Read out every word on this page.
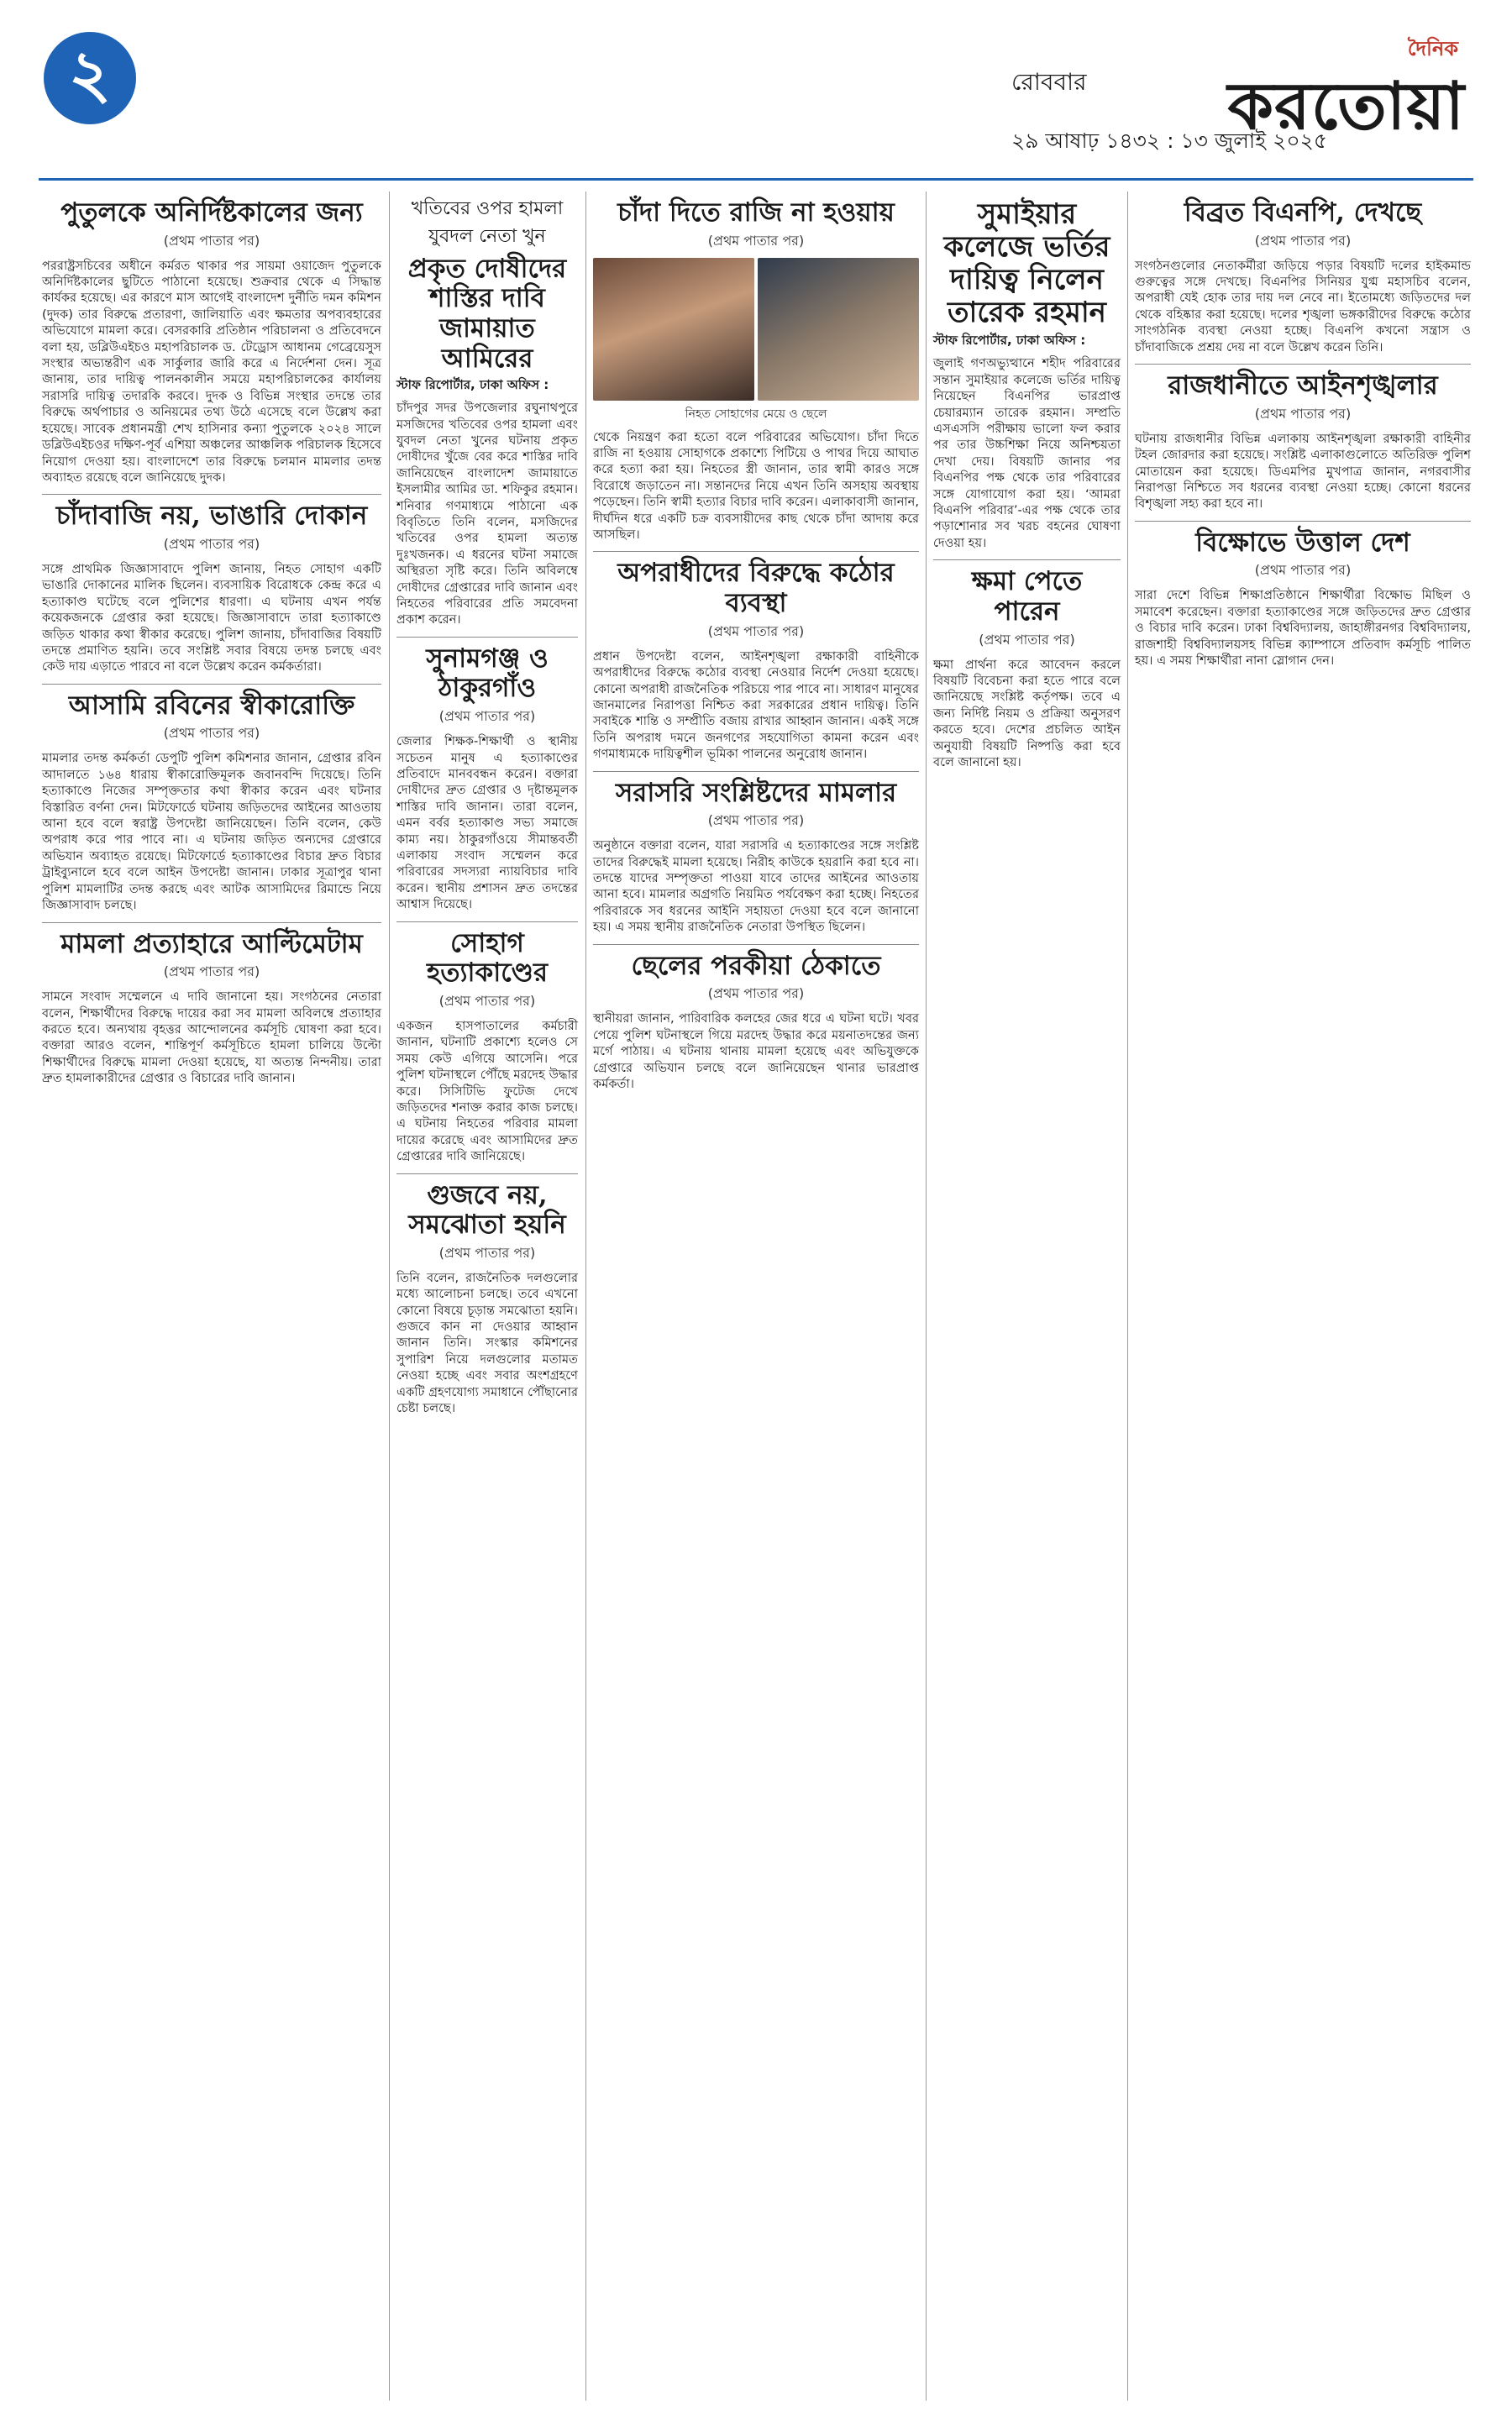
২	রোববার
২৯ আষাঢ় ১৪৩২ : ১৩ জুলাই ২০২৫
দৈনিক
করতোয়া
পুতুলকে অনির্দিষ্টকালের জন্য
(প্রথম পাতার পর)

পররাষ্ট্রসচিবের অধীনে কর্মরত থাকার পর সায়মা ওয়াজেদ পুতুলকে অনির্দিষ্টকালের ছুটিতে পাঠানো হয়েছে। শুক্রবার থেকে এ সিদ্ধান্ত কার্যকর হয়েছে। এর কারণে মাস আগেই বাংলাদেশ দুর্নীতি দমন কমিশন (দুদক) তার বিরুদ্ধে প্রতারণা, জালিয়াতি এবং ক্ষমতার অপব্যবহারের অভিযোগে মামলা করে। বেসরকারি প্রতিষ্ঠান পরিচালনা ও প্রতিবেদনে বলা হয়, ডব্লিউএইচও মহাপরিচালক ড. টেড্রোস আধানম গেব্রেয়েসুস সংস্থার অভ্যন্তরীণ এক সার্কুলার জারি করে এ নির্দেশনা দেন। সূত্র জানায়, তার দায়িত্ব পালনকালীন সময়ে মহাপরিচালকের কার্যালয় সরাসরি দায়িত্ব তদারকি করবে। দুদক ও বিভিন্ন সংস্থার তদন্তে তার বিরুদ্ধে অর্থপাচার ও অনিয়মের তথ্য উঠে এসেছে বলে উল্লেখ করা হয়েছে। সাবেক প্রধানমন্ত্রী শেখ হাসিনার কন্যা পুতুলকে ২০২৪ সালে ডব্লিউএইচওর দক্ষিণ-পূর্ব এশিয়া অঞ্চলের আঞ্চলিক পরিচালক হিসেবে নিয়োগ দেওয়া হয়। বাংলাদেশে তার বিরুদ্ধে চলমান মামলার তদন্ত অব্যাহত রয়েছে বলে জানিয়েছে দুদক।

চাঁদাবাজি নয়, ভাঙারি দোকান
(প্রথম পাতার পর)

সঙ্গে প্রাথমিক জিজ্ঞাসাবাদে পুলিশ জানায়, নিহত সোহাগ একটি ভাঙারি দোকানের মালিক ছিলেন। ব্যবসায়িক বিরোধকে কেন্দ্র করে এ হত্যাকাণ্ড ঘটেছে বলে পুলিশের ধারণা। এ ঘটনায় এখন পর্যন্ত কয়েকজনকে গ্রেপ্তার করা হয়েছে। জিজ্ঞাসাবাদে তারা হত্যাকাণ্ডে জড়িত থাকার কথা স্বীকার করেছে। পুলিশ জানায়, চাঁদাবাজির বিষয়টি তদন্তে প্রমাণিত হয়নি। তবে সংশ্লিষ্ট সবার বিষয়ে তদন্ত চলছে এবং কেউ দায় এড়াতে পারবে না বলে উল্লেখ করেন কর্মকর্তারা।

আসামি রবিনের স্বীকারোক্তি
(প্রথম পাতার পর)

মামলার তদন্ত কর্মকর্তা ডেপুটি পুলিশ কমিশনার জানান, গ্রেপ্তার রবিন আদালতে ১৬৪ ধারায় স্বীকারোক্তিমূলক জবানবন্দি দিয়েছে। তিনি হত্যাকাণ্ডে নিজের সম্পৃক্ততার কথা স্বীকার করেন এবং ঘটনার বিস্তারিত বর্ণনা দেন। মিটফোর্ডে ঘটনায় জড়িতদের আইনের আওতায় আনা হবে বলে স্বরাষ্ট্র উপদেষ্টা জানিয়েছেন। তিনি বলেন, কেউ অপরাধ করে পার পাবে না। এ ঘটনায় জড়িত অন্যদের গ্রেপ্তারে অভিযান অব্যাহত রয়েছে। মিটফোর্ডে হত্যাকাণ্ডের বিচার দ্রুত বিচার ট্রাইব্যুনালে হবে বলে আইন উপদেষ্টা জানান। ঢাকার সূত্রাপুর থানা পুলিশ মামলাটির তদন্ত করছে এবং আটক আসামিদের রিমান্ডে নিয়ে জিজ্ঞাসাবাদ চলছে।

মামলা প্রত্যাহারে আল্টিমেটাম
(প্রথম পাতার পর)

সামনে সংবাদ সম্মেলনে এ দাবি জানানো হয়। সংগঠনের নেতারা বলেন, শিক্ষার্থীদের বিরুদ্ধে দায়ের করা সব মামলা অবিলম্বে প্রত্যাহার করতে হবে। অন্যথায় বৃহত্তর আন্দোলনের কর্মসূচি ঘোষণা করা হবে। বক্তারা আরও বলেন, শান্তিপূর্ণ কর্মসূচিতে হামলা চালিয়ে উল্টো শিক্ষার্থীদের বিরুদ্ধে মামলা দেওয়া হয়েছে, যা অত্যন্ত নিন্দনীয়। তারা দ্রুত হামলাকারীদের গ্রেপ্তার ও বিচারের দাবি জানান।

খতিবের ওপর হামলা
যুবদল নেতা খুন
প্রকৃত দোষীদের শাস্তির দাবি জামায়াত আমিরের
স্টাফ রিপোর্টার, ঢাকা অফিস :

চাঁদপুর সদর উপজেলার রঘুনাথপুরে মসজিদের খতিবের ওপর হামলা এবং যুবদল নেতা খুনের ঘটনায় প্রকৃত দোষীদের খুঁজে বের করে শাস্তির দাবি জানিয়েছেন বাংলাদেশ জামায়াতে ইসলামীর আমির ডা. শফিকুর রহমান। শনিবার গণমাধ্যমে পাঠানো এক বিবৃতিতে তিনি বলেন, মসজিদের খতিবের ওপর হামলা অত্যন্ত দুঃখজনক। এ ধরনের ঘটনা সমাজে অস্থিরতা সৃষ্টি করে। তিনি অবিলম্বে দোষীদের গ্রেপ্তারের দাবি জানান এবং নিহতের পরিবারের প্রতি সমবেদনা প্রকাশ করেন।

সুনামগঞ্জ ও ঠাকুরগাঁও
(প্রথম পাতার পর)

জেলার শিক্ষক-শিক্ষার্থী ও স্থানীয় সচেতন মানুষ এ হত্যাকাণ্ডের প্রতিবাদে মানববন্ধন করেন। বক্তারা দোষীদের দ্রুত গ্রেপ্তার ও দৃষ্টান্তমূলক শাস্তির দাবি জানান। তারা বলেন, এমন বর্বর হত্যাকাণ্ড সভ্য সমাজে কাম্য নয়। ঠাকুরগাঁওয়ে সীমান্তবর্তী এলাকায় সংবাদ সম্মেলন করে পরিবারের সদস্যরা ন্যায়বিচার দাবি করেন। স্থানীয় প্রশাসন দ্রুত তদন্তের আশ্বাস দিয়েছে।

সোহাগ হত্যাকাণ্ডের
(প্রথম পাতার পর)

একজন হাসপাতালের কর্মচারী জানান, ঘটনাটি প্রকাশ্যে হলেও সে সময় কেউ এগিয়ে আসেনি। পরে পুলিশ ঘটনাস্থলে পৌঁছে মরদেহ উদ্ধার করে। সিসিটিভি ফুটেজ দেখে জড়িতদের শনাক্ত করার কাজ চলছে। এ ঘটনায় নিহতের পরিবার মামলা দায়ের করেছে এবং আসামিদের দ্রুত গ্রেপ্তারের দাবি জানিয়েছে।

গুজবে নয়, সমঝোতা হয়নি
(প্রথম পাতার পর)

তিনি বলেন, রাজনৈতিক দলগুলোর মধ্যে আলোচনা চলছে। তবে এখনো কোনো বিষয়ে চূড়ান্ত সমঝোতা হয়নি। গুজবে কান না দেওয়ার আহ্বান জানান তিনি। সংস্কার কমিশনের সুপারিশ নিয়ে দলগুলোর মতামত নেওয়া হচ্ছে এবং সবার অংশগ্রহণে একটি গ্রহণযোগ্য সমাধানে পৌঁছানোর চেষ্টা চলছে।

চাঁদা দিতে রাজি না হওয়ায়
(প্রথম পাতার পর)
নিহত সোহাগের মেয়ে ও ছেলে

থেকে নিয়ন্ত্রণ করা হতো বলে পরিবারের অভিযোগ। চাঁদা দিতে রাজি না হওয়ায় সোহাগকে প্রকাশ্যে পিটিয়ে ও পাথর দিয়ে আঘাত করে হত্যা করা হয়। নিহতের স্ত্রী জানান, তার স্বামী কারও সঙ্গে বিরোধে জড়াতেন না। সন্তানদের নিয়ে এখন তিনি অসহায় অবস্থায় পড়েছেন। তিনি স্বামী হত্যার বিচার দাবি করেন। এলাকাবাসী জানান, দীর্ঘদিন ধরে একটি চক্র ব্যবসায়ীদের কাছ থেকে চাঁদা আদায় করে আসছিল।

অপরাধীদের বিরুদ্ধে কঠোর ব্যবস্থা
(প্রথম পাতার পর)

প্রধান উপদেষ্টা বলেন, আইনশৃঙ্খলা রক্ষাকারী বাহিনীকে অপরাধীদের বিরুদ্ধে কঠোর ব্যবস্থা নেওয়ার নির্দেশ দেওয়া হয়েছে। কোনো অপরাধী রাজনৈতিক পরিচয়ে পার পাবে না। সাধারণ মানুষের জানমালের নিরাপত্তা নিশ্চিত করা সরকারের প্রধান দায়িত্ব। তিনি সবাইকে শান্তি ও সম্প্রীতি বজায় রাখার আহ্বান জানান। একই সঙ্গে তিনি অপরাধ দমনে জনগণের সহযোগিতা কামনা করেন এবং গণমাধ্যমকে দায়িত্বশীল ভূমিকা পালনের অনুরোধ জানান।

সরাসরি সংশ্লিষ্টদের মামলার
(প্রথম পাতার পর)

অনুষ্ঠানে বক্তারা বলেন, যারা সরাসরি এ হত্যাকাণ্ডের সঙ্গে সংশ্লিষ্ট তাদের বিরুদ্ধেই মামলা হয়েছে। নিরীহ কাউকে হয়রানি করা হবে না। তদন্তে যাদের সম্পৃক্ততা পাওয়া যাবে তাদের আইনের আওতায় আনা হবে। মামলার অগ্রগতি নিয়মিত পর্যবেক্ষণ করা হচ্ছে। নিহতের পরিবারকে সব ধরনের আইনি সহায়তা দেওয়া হবে বলে জানানো হয়। এ সময় স্থানীয় রাজনৈতিক নেতারা উপস্থিত ছিলেন।

ছেলের পরকীয়া ঠেকাতে
(প্রথম পাতার পর)

স্থানীয়রা জানান, পারিবারিক কলহের জের ধরে এ ঘটনা ঘটে। খবর পেয়ে পুলিশ ঘটনাস্থলে গিয়ে মরদেহ উদ্ধার করে ময়নাতদন্তের জন্য মর্গে পাঠায়। এ ঘটনায় থানায় মামলা হয়েছে এবং অভিযুক্তকে গ্রেপ্তারে অভিযান চলছে বলে জানিয়েছেন থানার ভারপ্রাপ্ত কর্মকর্তা।

সুমাইয়ার কলেজে ভর্তির দায়িত্ব নিলেন তারেক রহমান
স্টাফ রিপোর্টার, ঢাকা অফিস :

জুলাই গণঅভ্যুত্থানে শহীদ পরিবারের সন্তান সুমাইয়ার কলেজে ভর্তির দায়িত্ব নিয়েছেন বিএনপির ভারপ্রাপ্ত চেয়ারম্যান তারেক রহমান। সম্প্রতি এসএসসি পরীক্ষায় ভালো ফল করার পর তার উচ্চশিক্ষা নিয়ে অনিশ্চয়তা দেখা দেয়। বিষয়টি জানার পর বিএনপির পক্ষ থেকে তার পরিবারের সঙ্গে যোগাযোগ করা হয়। ‘আমরা বিএনপি পরিবার’-এর পক্ষ থেকে তার পড়াশোনার সব খরচ বহনের ঘোষণা দেওয়া হয়।

ক্ষমা পেতে পারেন
(প্রথম পাতার পর)

ক্ষমা প্রার্থনা করে আবেদন করলে বিষয়টি বিবেচনা করা হতে পারে বলে জানিয়েছে সংশ্লিষ্ট কর্তৃপক্ষ। তবে এ জন্য নির্দিষ্ট নিয়ম ও প্রক্রিয়া অনুসরণ করতে হবে। দেশের প্রচলিত আইন অনুযায়ী বিষয়টি নিষ্পত্তি করা হবে বলে জানানো হয়।

বিব্রত বিএনপি, দেখছে
(প্রথম পাতার পর)

সংগঠনগুলোর নেতাকর্মীরা জড়িয়ে পড়ার বিষয়টি দলের হাইকমান্ড গুরুত্বের সঙ্গে দেখছে। বিএনপির সিনিয়র যুগ্ম মহাসচিব বলেন, অপরাধী যেই হোক তার দায় দল নেবে না। ইতোমধ্যে জড়িতদের দল থেকে বহিষ্কার করা হয়েছে। দলের শৃঙ্খলা ভঙ্গকারীদের বিরুদ্ধে কঠোর সাংগঠনিক ব্যবস্থা নেওয়া হচ্ছে। বিএনপি কখনো সন্ত্রাস ও চাঁদাবাজিকে প্রশ্রয় দেয় না বলে উল্লেখ করেন তিনি।

রাজধানীতে আইনশৃঙ্খলার
(প্রথম পাতার পর)

ঘটনায় রাজধানীর বিভিন্ন এলাকায় আইনশৃঙ্খলা রক্ষাকারী বাহিনীর টহল জোরদার করা হয়েছে। সংশ্লিষ্ট এলাকাগুলোতে অতিরিক্ত পুলিশ মোতায়েন করা হয়েছে। ডিএমপির মুখপাত্র জানান, নগরবাসীর নিরাপত্তা নিশ্চিতে সব ধরনের ব্যবস্থা নেওয়া হচ্ছে। কোনো ধরনের বিশৃঙ্খলা সহ্য করা হবে না।

বিক্ষোভে উত্তাল দেশ
(প্রথম পাতার পর)

সারা দেশে বিভিন্ন শিক্ষাপ্রতিষ্ঠানে শিক্ষার্থীরা বিক্ষোভ মিছিল ও সমাবেশ করেছেন। বক্তারা হত্যাকাণ্ডের সঙ্গে জড়িতদের দ্রুত গ্রেপ্তার ও বিচার দাবি করেন। ঢাকা বিশ্ববিদ্যালয়, জাহাঙ্গীরনগর বিশ্ববিদ্যালয়, রাজশাহী বিশ্ববিদ্যালয়সহ বিভিন্ন ক্যাম্পাসে প্রতিবাদ কর্মসূচি পালিত হয়। এ সময় শিক্ষার্থীরা নানা স্লোগান দেন।
